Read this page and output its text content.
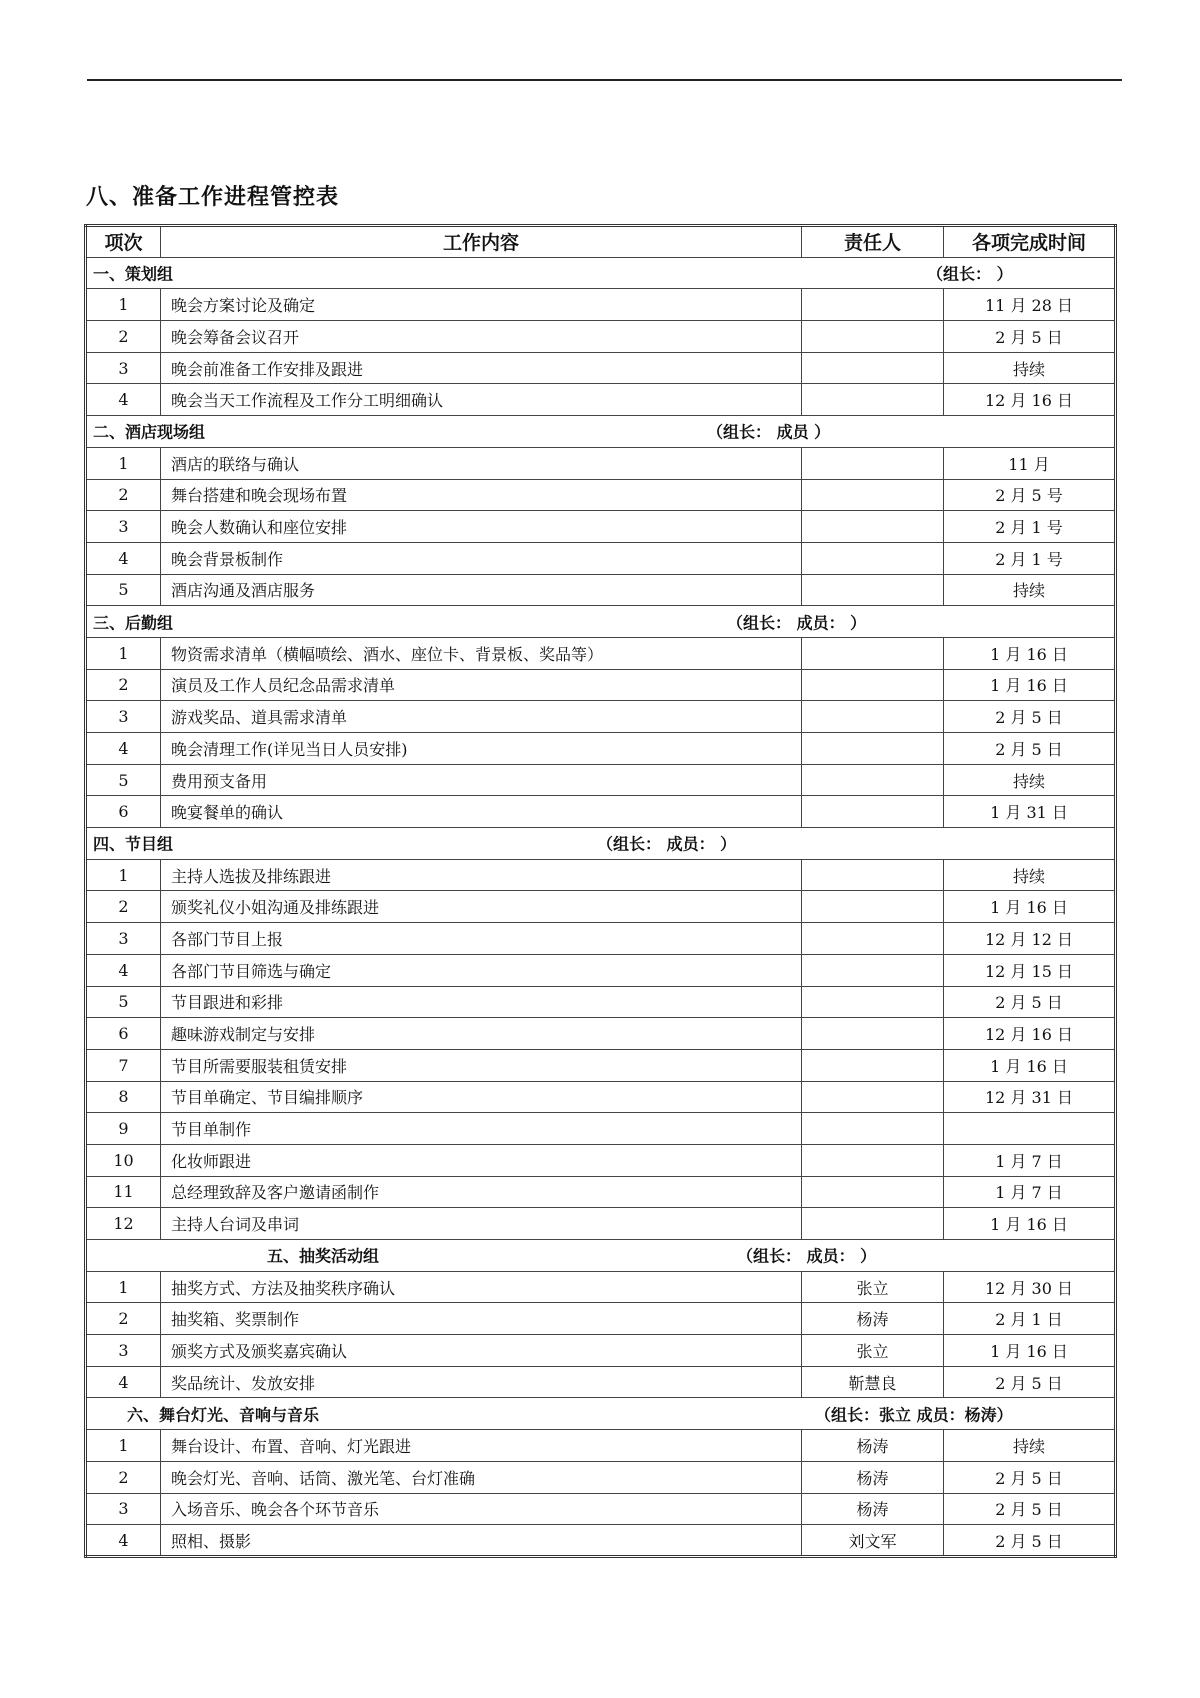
八、准备工作进程管控表
项次	工作内容	责任人	各项完成时间

一、策划组 （组长： ）			

1	晚会方案讨论及确定		11 月 28 日
2	晚会筹备会议召开		2 月 5 日
3	晚会前准备工作安排及跟进		持续
4	晚会当天工作流程及工作分工明细确认		12 月 16 日

二、酒店现场组 （组长： 成员 ）			

1	酒店的联络与确认		11 月
2	舞台搭建和晚会现场布置		2 月 5 号
3	晚会人数确认和座位安排		2 月 1 号
4	晚会背景板制作		2 月 1 号
5	酒店沟通及酒店服务		持续

三、后勤组 （组长： 成员： ）			

1	物资需求清单（横幅喷绘、酒水、座位卡、背景板、奖品等）		1 月 16 日
2	演员及工作人员纪念品需求清单		1 月 16 日
3	游戏奖品、道具需求清单		2 月 5 日
4	晚会清理工作(详见当日人员安排)		2 月 5 日
5	费用预支备用		持续
6	晚宴餐单的确认		1 月 31 日

四、节目组 （组长： 成员： ）			

1	主持人选拔及排练跟进		持续
2	颁奖礼仪小姐沟通及排练跟进		1 月 16 日
3	各部门节目上报		12 月 12 日
4	各部门节目筛选与确定		12 月 15 日
5	节目跟进和彩排		2 月 5 日
6	趣味游戏制定与安排		12 月 16 日
7	节目所需要服装租赁安排		1 月 16 日
8	节目单确定、节目编排顺序		12 月 31 日
9	节目单制作		
10	化妆师跟进		1 月 7 日
11	总经理致辞及客户邀请函制作		1 月 7 日
12	主持人台词及串词		1 月 16 日

五、抽奖活动组 （组长： 成员： ）			

1	抽奖方式、方法及抽奖秩序确认	张立	12 月 30 日
2	抽奖箱、奖票制作	杨涛	2 月 1 日
3	颁奖方式及颁奖嘉宾确认	张立	1 月 16 日
4	奖品统计、发放安排	靳慧良	2 月 5 日

六、舞台灯光、音响与音乐 （组长：张立 成员：杨涛）			

1	舞台设计、布置、音响、灯光跟进	杨涛	持续
2	晚会灯光、音响、话筒、激光笔、台灯准确	杨涛	2 月 5 日
3	入场音乐、晚会各个环节音乐	杨涛	2 月 5 日
4	照相、摄影	刘文军	2 月 5 日
